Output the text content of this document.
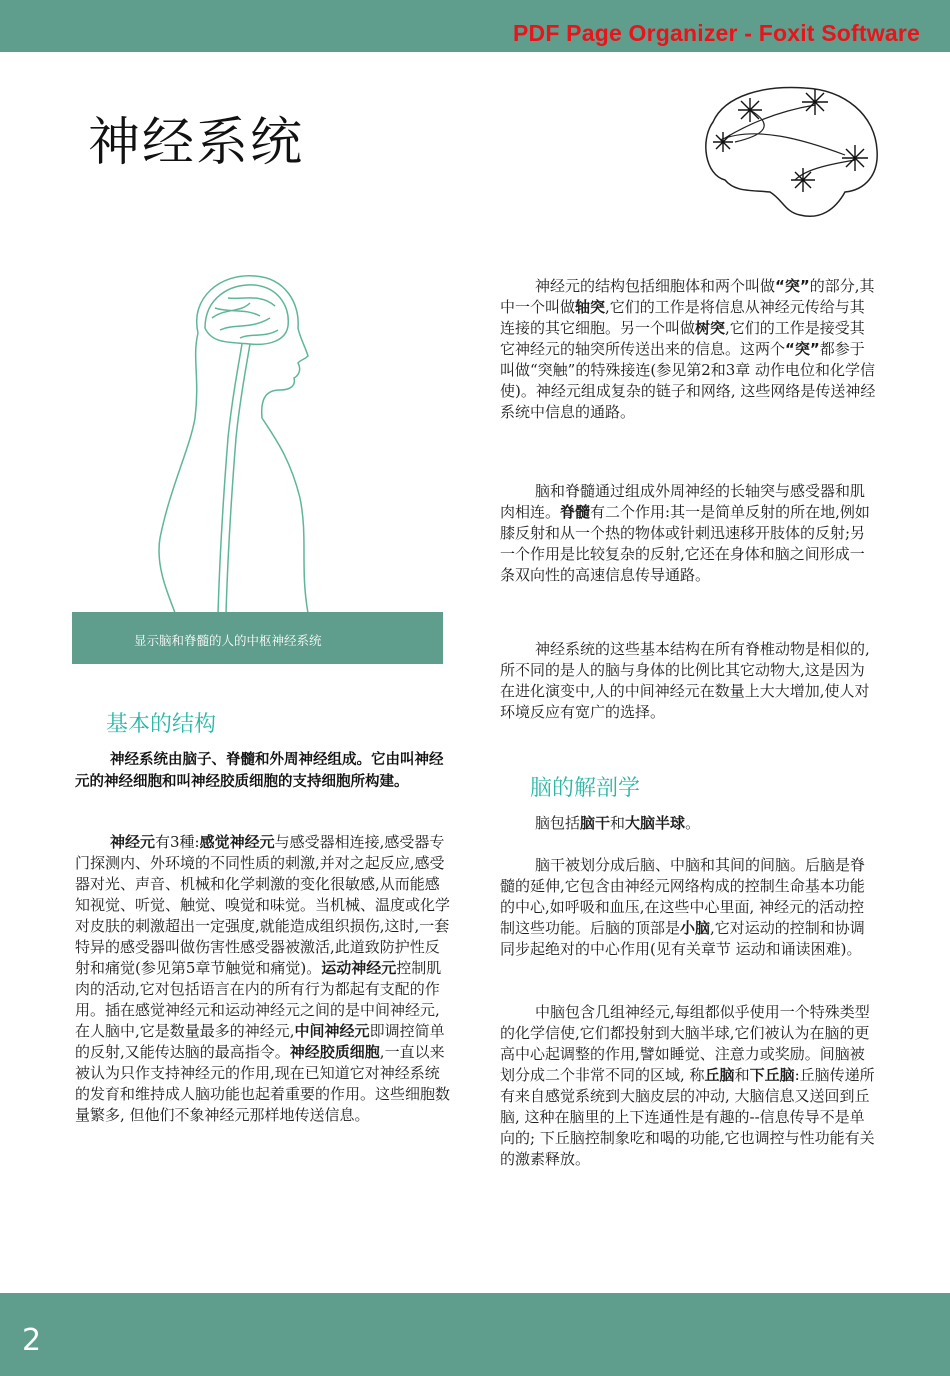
PDF Page Organizer - Foxit Software
神经系统
显示脑和脊髓的人的中枢神经系统
基本的结构
神经系统由脑子、脊髓和外周神经组成。它由叫神经元的神经细胞和叫神经胶质细胞的支持细胞所构建。

神经元有3種:感觉神经元与感受器相连接,感受器专门探测内、外环境的不同性质的刺激,并对之起反应,感受器对光、声音、机械和化学刺激的变化很敏感,从而能感知视觉、听觉、触觉、嗅觉和味觉。当机械、温度或化学对皮肤的刺激超出一定强度,就能造成组织损伤,这时,一套特异的感受器叫做伤害性感受器被激活,此道致防护性反射和痛觉(参见第5章节触觉和痛觉)。运动神经元控制肌肉的活动,它对包括语言在内的所有行为都起有支配的作用。插在感觉神经元和运动神经元之间的是中间神经元,在人脑中,它是数量最多的神经元,中间神经元即调控简单的反射,又能传达脑的最高指令。神经胶质细胞,一直以来被认为只作支持神经元的作用,现在已知道它对神经系统的发育和维持成人脑功能也起着重要的作用。这些细胞数量繁多, 但他们不象神经元那样地传送信息。

神经元的结构包括细胞体和两个叫做“突”的部分,其中一个叫做轴突,它们的工作是将信息从神经元传给与其连接的其它细胞。另一个叫做树突,它们的工作是接受其它神经元的轴突所传送出来的信息。这两个“突”都参于叫做“突触”的特殊接连(参见第2和3章 动作电位和化学信使)。神经元组成复杂的链子和网络, 这些网络是传送神经系统中信息的通路。

脑和脊髓通过组成外周神经的长轴突与感受器和肌肉相连。脊髓有二个作用:其一是简单反射的所在地,例如膝反射和从一个热的物体或针刺迅速移开肢体的反射;另一个作用是比较复杂的反射,它还在身体和脑之间形成一条双向性的高速信息传导通路。

神经系统的这些基本结构在所有脊椎动物是相似的,所不同的是人的脑与身体的比例比其它动物大,这是因为在进化演变中,人的中间神经元在数量上大大增加,使人对环境反应有宽广的选择。

脑的解剖学

脑包括脑干和大脑半球。

脑干被划分成后脑、中脑和其间的间脑。后脑是脊髓的延伸,它包含由神经元网络构成的控制生命基本功能的中心,如呼吸和血压,在这些中心里面, 神经元的活动控制这些功能。后脑的顶部是小脑,它对运动的控制和协调同步起绝对的中心作用(见有关章节 运动和诵读困难)。

中脑包含几组神经元,每组都似乎使用一个特殊类型的化学信使,它们都投射到大脑半球,它们被认为在脑的更高中心起调整的作用,譬如睡觉、注意力或奖励。间脑被划分成二个非常不同的区域, 称丘脑和下丘脑:丘脑传递所有来自感觉系统到大脑皮层的冲动, 大脑信息又送回到丘脑, 这种在脑里的上下连通性是有趣的--信息传导不是单向的; 下丘脑控制象吃和喝的功能,它也调控与性功能有关的激素释放。

2
